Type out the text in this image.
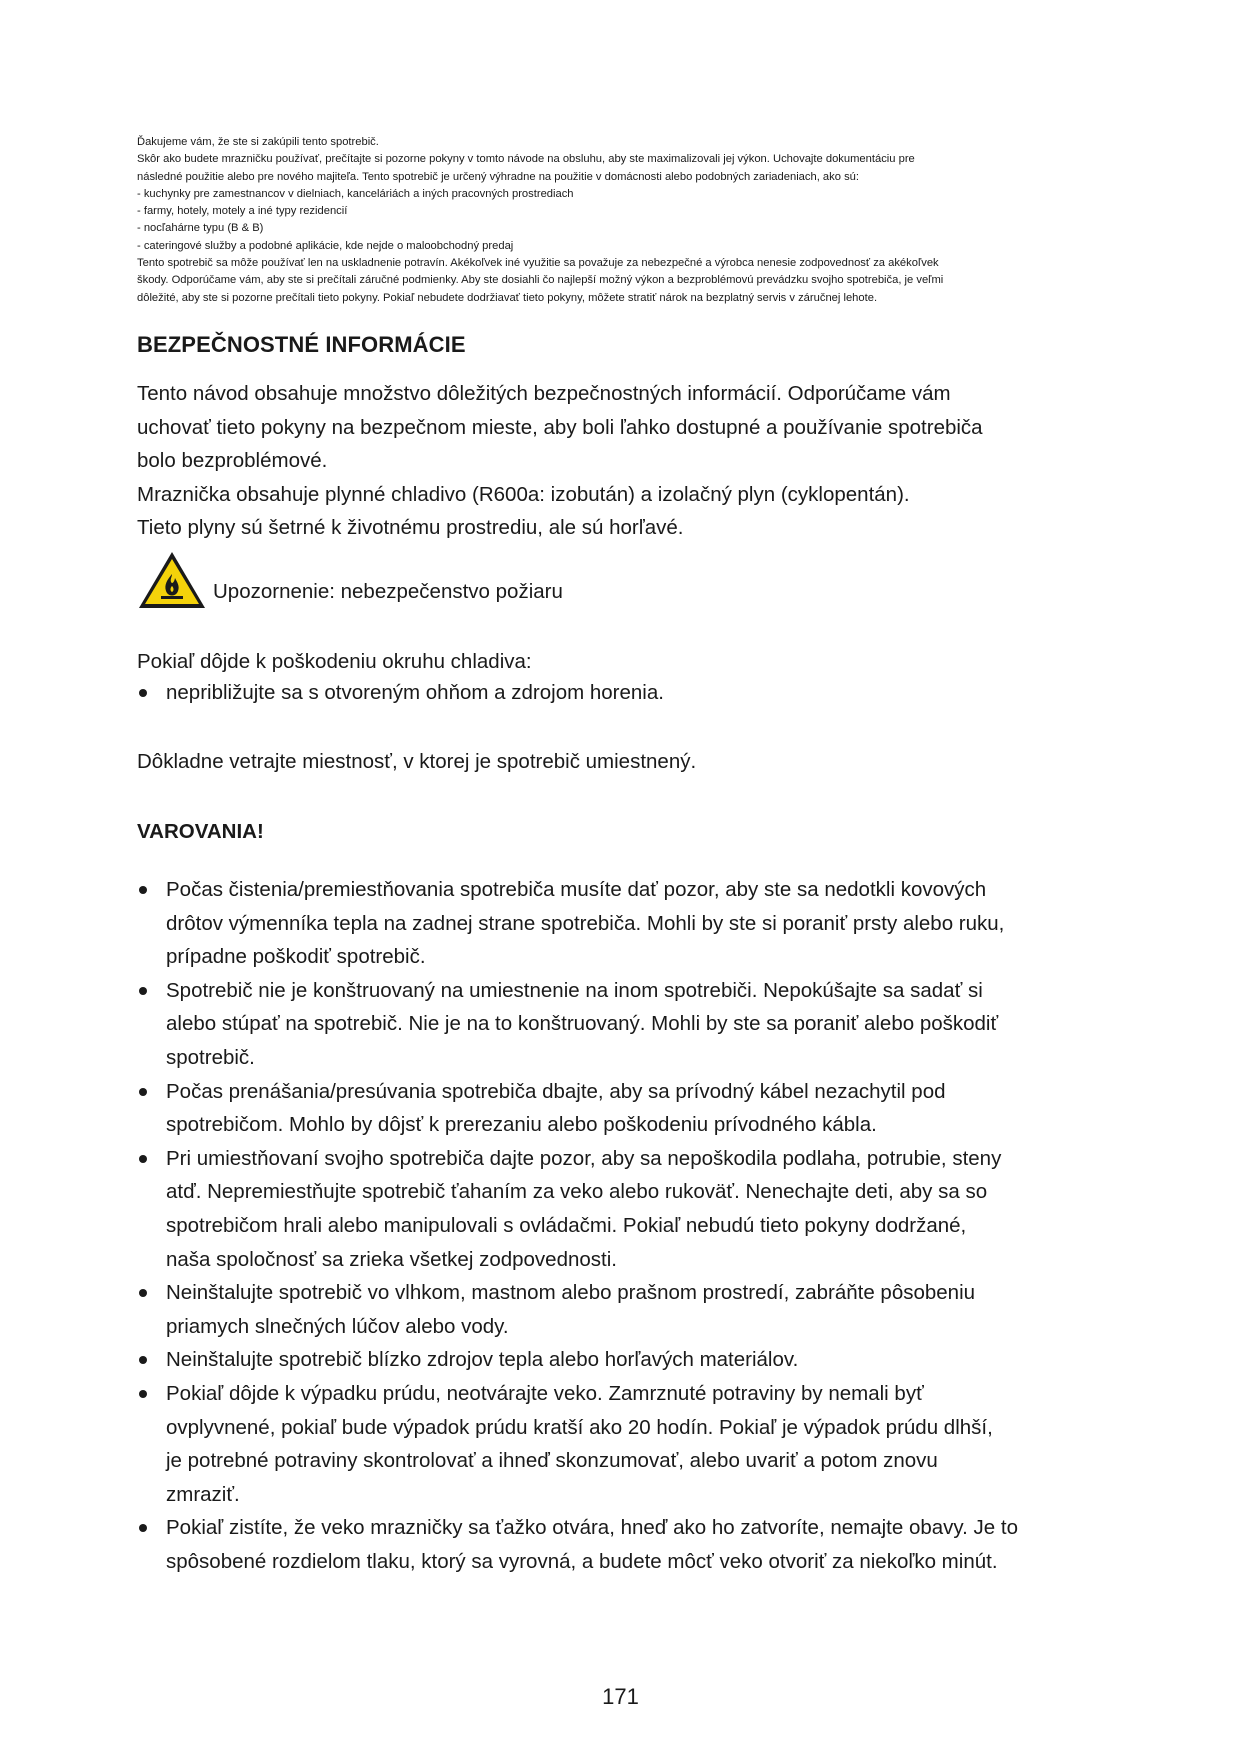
Ďakujeme vám, že ste si zakúpili tento spotrebič.

Skôr ako budete mrazničku používať, prečítajte si pozorne pokyny v tomto návode na obsluhu, aby ste maximalizovali jej výkon. Uchovajte dokumentáciu pre

následné použitie alebo pre nového majiteľa. Tento spotrebič je určený výhradne na použitie v domácnosti alebo podobných zariadeniach, ako sú:

- kuchynky pre zamestnancov v dielniach, kanceláriách a iných pracovných prostrediach

- farmy, hotely, motely a iné typy rezidencií

- nocľahárne typu (B & B)

- cateringové služby a podobné aplikácie, kde nejde o maloobchodný predaj

Tento spotrebič sa môže používať len na uskladnenie potravín. Akékoľvek iné využitie sa považuje za nebezpečné a výrobca nenesie zodpovednosť za akékoľvek

škody. Odporúčame vám, aby ste si prečítali záručné podmienky. Aby ste dosiahli čo najlepší možný výkon a bezproblémovú prevádzku svojho spotrebiča, je veľmi

dôležité, aby ste si pozorne prečítali tieto pokyny. Pokiaľ nebudete dodržiavať tieto pokyny, môžete stratiť nárok na bezplatný servis v záručnej lehote.

BEZPEČNOSTNÉ INFORMÁCIE

Tento návod obsahuje množstvo dôležitých bezpečnostných informácií. Odporúčame vám

uchovať tieto pokyny na bezpečnom mieste, aby boli ľahko dostupné a používanie spotrebiča

bolo bezproblémové.

Mraznička obsahuje plynné chladivo (R600a: izobután) a izolačný plyn (cyklopentán).

Tieto plyny sú šetrné k životnému prostrediu, ale sú horľavé.

Upozornenie: nebezpečenstvo požiaru

Pokiaľ dôjde k poškodeniu okruhu chladiva:

nepribližujte sa s otvoreným ohňom a zdrojom horenia.

Dôkladne vetrajte miestnosť, v ktorej je spotrebič umiestnený.

VAROVANIA!

Počas čistenia/premiestňovania spotrebiča musíte dať pozor, aby ste sa nedotkli kovových
drôtov výmenníka tepla na zadnej strane spotrebiča. Mohli by ste si poraniť prsty alebo ruku,
prípadne poškodiť spotrebič.
Spotrebič nie je konštruovaný na umiestnenie na inom spotrebiči. Nepokúšajte sa sadať si
alebo stúpať na spotrebič. Nie je na to konštruovaný. Mohli by ste sa poraniť alebo poškodiť
spotrebič.
Počas prenášania/presúvania spotrebiča dbajte, aby sa prívodný kábel nezachytil pod
spotrebičom. Mohlo by dôjsť k prerezaniu alebo poškodeniu prívodného kábla.
Pri umiestňovaní svojho spotrebiča dajte pozor, aby sa nepoškodila podlaha, potrubie, steny
atď. Nepremiestňujte spotrebič ťahaním za veko alebo rukoväť. Nenechajte deti, aby sa so
spotrebičom hrali alebo manipulovali s ovládačmi. Pokiaľ nebudú tieto pokyny dodržané,
naša spoločnosť sa zrieka všetkej zodpovednosti.
Neinštalujte spotrebič vo vlhkom, mastnom alebo prašnom prostredí, zabráňte pôsobeniu
priamych slnečných lúčov alebo vody.
Neinštalujte spotrebič blízko zdrojov tepla alebo horľavých materiálov.
Pokiaľ dôjde k výpadku prúdu, neotvárajte veko. Zamrznuté potraviny by nemali byť
ovplyvnené, pokiaľ bude výpadok prúdu kratší ako 20 hodín. Pokiaľ je výpadok prúdu dlhší,
je potrebné potraviny skontrolovať a ihneď skonzumovať, alebo uvariť a potom znovu
zmraziť.
Pokiaľ zistíte, že veko mrazničky sa ťažko otvára, hneď ako ho zatvoríte, nemajte obavy. Je to
spôsobené rozdielom tlaku, ktorý sa vyrovná, a budete môcť veko otvoriť za niekoľko minút.
171
